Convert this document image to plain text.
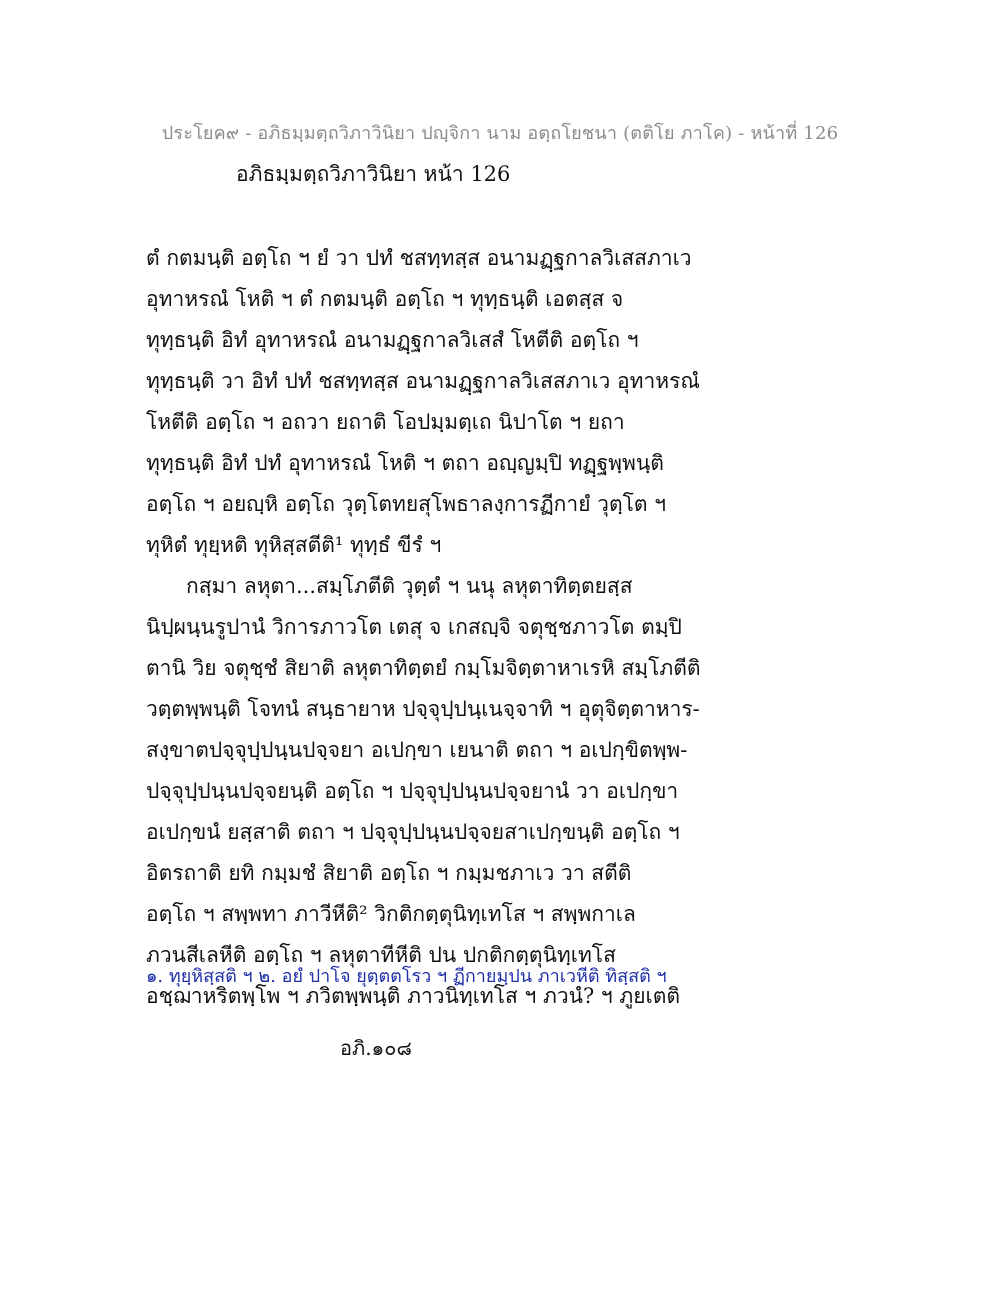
ประโยค๙ - อภิธมฺมตฺถวิภาวินิยา ปญฺจิกา นาม อตฺถโยชนา (ตติโย ภาโค) - หน้าที่ 126
อภิธมฺมตฺถวิภาวินิยา หน้า 126
ตํ กตมนฺติ อตฺโถ ฯ ยํ วา ปทํ ชสทฺทสฺส อนามฏฺฐกาลวิเสสภาเว
อุทาหรณํ โหติ ฯ ตํ กตมนฺติ อตฺโถ ฯ ทุทฺธนฺติ เอตสฺส จ
ทุทฺธนฺติ อิทํ อุทาหรณํ อนามฏฺฐกาลวิเสสํ โหตีติ อตฺโถ ฯ
ทุทฺธนฺติ วา อิทํ ปทํ ชสทฺทสฺส อนามฏฺฐกาลวิเสสภาเว อุทาหรณํ
โหตีติ อตฺโถ ฯ อถวา ยถาติ โอปมฺมตฺเถ นิปาโต ฯ ยถา
ทุทฺธนฺติ อิทํ ปทํ อุทาหรณํ โหติ ฯ ตถา อญฺญมฺปิ ทฏฺฐพฺพนฺติ
อตฺโถ ฯ อยญฺหิ อตฺโถ วุตฺโตทยสุโพธาลงฺการฏีกายํ วุตฺโต ฯ
ทุหิตํ ทุยฺหติ ทุหิสฺสตีติ¹ ทุทฺธํ ขีรํ ฯ
กสฺมา ลหุตา...สมฺโภตีติ วุตฺตํ ฯ นนุ ลหุตาทิตฺตยสฺส
นิปฺผนฺนรูปานํ วิการภาวโต เตสุ จ เกสญฺจิ จตุชฺชภาวโต ตมฺปิ
ตานิ วิย จตุชฺชํ สิยาติ ลหุตาทิตฺตยํ กมฺโมจิตฺตาหาเรหิ สมฺโภตีติ
วตฺตพฺพนฺติ โจทนํ สนฺธายาห ปจฺจุปฺปนฺเนจฺจาทิ ฯ อุตุจิตฺตาหาร-
สงฺขาตปจฺจุปฺปนฺนปจฺจยา อเปกฺขา เยนาติ ตถา ฯ อเปกฺขิตพฺพ-
ปจฺจุปฺปนฺนปจฺจยนฺติ อตฺโถ ฯ ปจฺจุปฺปนฺนปจฺจยานํ วา อเปกฺขา
อเปกฺขนํ ยสฺสาติ ตถา ฯ ปจฺจุปฺปนฺนปจฺจยสาเปกฺขนฺติ อตฺโถ ฯ
อิตรถาติ ยทิ กมฺมชํ สิยาติ อตฺโถ ฯ กมฺมชภาเว วา สตีติ
อตฺโถ ฯ สพฺพทา ภาวีหีติ² วิกติกตฺตุนิทฺเทโส ฯ สพฺพกาเล
ภวนสีเลหีติ อตฺโถ ฯ ลหุตาทีหีติ ปน ปกติกตฺตุนิทฺเทโส
อชฺฌาหริตพฺโพ ฯ ภวิตพฺพนฺติ ภาวนิทฺเทโส ฯ ภวนํ? ฯ ภูยเตติ
๑. ทุยฺหิสฺสติ ฯ ๒. อยํ ปาโจ ยุตฺตตโรว ฯ ฏีกายมฺปน ภาเวหีติ ทิสฺสติ ฯ
อภิ.๑๐๘
